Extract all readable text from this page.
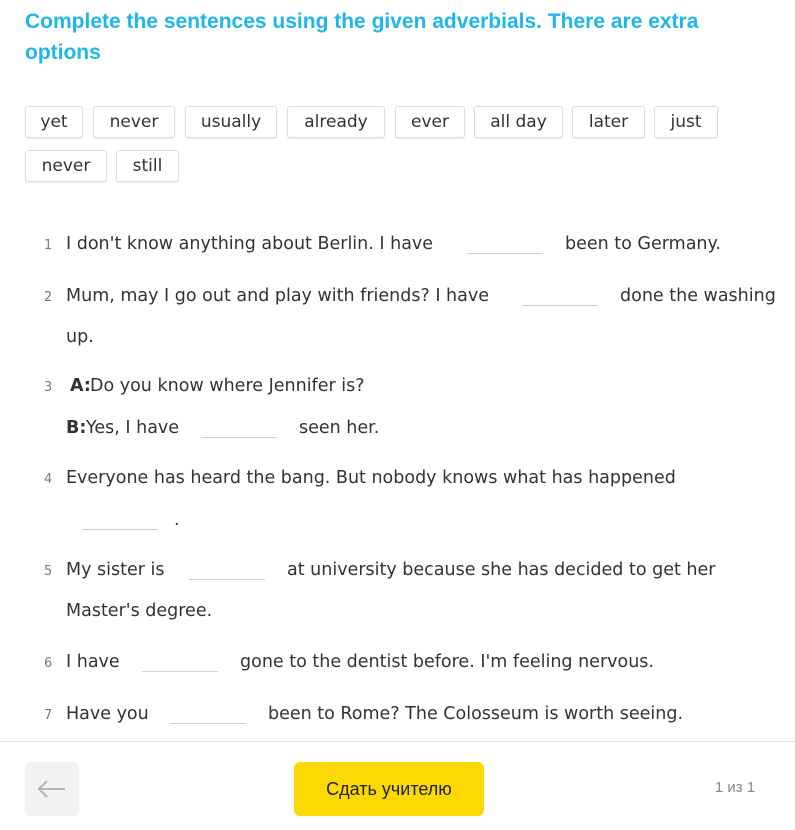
Complete the sentences using the given adverbials. There are extra options
yet	never	usually	already	ever	all day	later	just
never	still
1 I don't know anything about Berlin. I have	been to Germany.
2 Mum, may I go out and play with friends? I have	done the washing
up.
3 A: Do you know where Jennifer is?
B: Yes, I have	seen her.
4 Everyone has heard the bang. But nobody knows what has happened
.
5 My sister is	at university because she has decided to get her
Master's degree.
6 I have	gone to the dentist before. I'm feeling nervous.
7 Have you	been to Rome? The Colosseum is worth seeing.
Сдать учителю	1 из 1
